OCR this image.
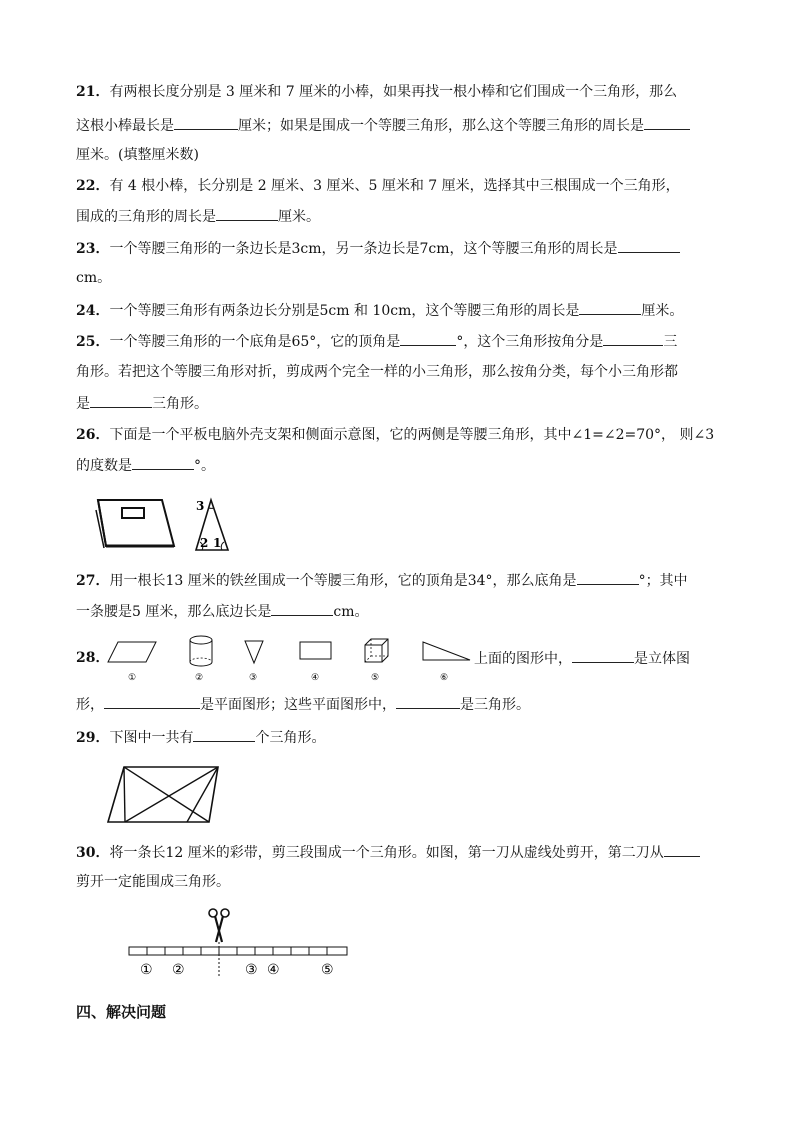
21．有两根长度分别是 3 厘米和 7 厘米的小棒，如果再找一根小棒和它们围成一个三角形，那么
这根小棒最长是	厘米；如果是围成一个等腰三角形，那么这个等腰三角形的周长是
厘米。(填整厘米数)
22．有 4 根小棒，长分别是 2 厘米、3 厘米、5 厘米和 7 厘米，选择其中三根围成一个三角形，
围成的三角形的周长是	厘米。
23．一个等腰三角形的一条边长是3cm，另一条边长是7cm，这个等腰三角形的周长是
cm。
24．一个等腰三角形有两条边长分别是5cm 和 10cm，这个等腰三角形的周长是	厘米。
25．一个等腰三角形的一个底角是65°，它的顶角是	°，这个三角形按角分是	三
角形。若把这个等腰三角形对折，剪成两个完全一样的小三角形，那么按角分类，每个小三角形都
是	三角形。
26．下面是一个平板电脑外壳支架和侧面示意图，它的两侧是等腰三角形，其中∠1=∠2=70°， 则∠3
的度数是	°。
3
2 1
27．用一根长13 厘米的铁丝围成一个等腰三角形，它的顶角是34°，那么底角是	°；其中
一条腰是5 厘米，那么底边长是	cm。
28．
①	②	③	④	⑤	⑥
上面的图形中，	是立体图
形，	是平面图形；这些平面图形中，	是三角形。
29．下图中一共有	个三角形。
30．将一条长12 厘米的彩带，剪三段围成一个三角形。如图，第一刀从虚线处剪开，第二刀从
剪开一定能围成三角形。
① ②	③ ④	⑤
四、解决问题
